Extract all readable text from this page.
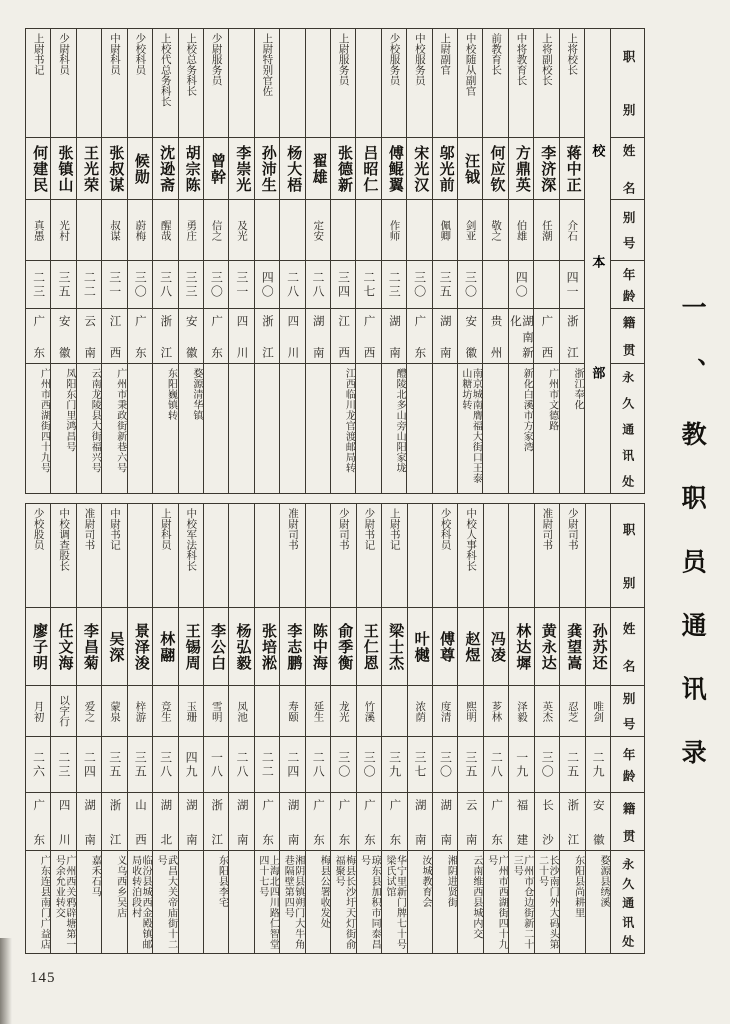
职别
姓名
别号
年龄
籍贯
永久通讯处
校本部
上将校长
蒋中正
介石
四一
浙江
浙江奉化
上将副校长
李济深
任潮
广西
广州市文德路
中将教育长
方鼎英
伯雄
四〇
湖南新化
新化白溪市方家湾
前教育长
何应钦
敬之
贵州
中校随从副官
汪钺
剑亚
三〇
安徽
南京城南膺福大街口王泰山糖坊转
上尉副官
邬光前
佩卿
三五
湖南
中校服务员
宋光汉
三〇
广东
少校服务员
傅鲲翼
作师
二三
湖南
醴陵北多山旁山阳家垅
吕昭仁
二七
广西
上尉服务员
张德新
三四
江西
江西临川龙官渡邮局转
翟雄
定安
二八
湖南
杨大梧
二八
四川
上尉特别官佐
孙沛生
四〇
浙江
李崇光
及光
三一
四川
少尉服务员
曾幹
信之
三〇
广东
上校总务科长
胡宗陈
勇庄
三三
安徽
婺源清华镇
上校代总务科长
沈逊斋
醒哉
三八
浙江
东阳巍镇转
少校科员
候勋
蔚梅
三〇
广东
中尉科员
张叔谋
叔谋
三一
江西
广州市秉政街新巷六号
王光荣
二二
云南
云南龙陵县大街福兴号
少尉科员
张镇山
光村
三五
安徽
凤阳东门里鸿昌号
上尉书记
何建民
真愚
二三
广东
广州市西湖街四十九号
职别
姓名
别号
年龄
籍贯
永久通讯处
孙苏还
唯剑
二九
安徽
婺源县绣溪
少尉司书
龚望嵩
忍芝
二五
浙江
东阳县尚耕里
准尉司书
黄永达
英杰
三〇
长沙
长沙南门外大码头第二十号
林达墀
泽毅
一九
福建
广州市仓边街新二十三号
冯凌
芗林
二八
广东
广州市西湖街四十九号
中校人事科长
赵煜
熙明
三五
云南
云南维西县城内交
少校科员
傅尊
度清
三〇
湖南
湘阴进贤街
叶樾
浓荫
三七
湖南
汝城教育会
上尉书记
梁士杰
三九
广东
华宁里新门牌七十号梁氏试馆
少尉书记
王仁恩
竹溪
三〇
广东
琼东县加积市同泰昌号
少尉司书
俞季衡
龙光
三〇
广东
梅县长沙圩天灯街俞福聚号
陈中海
延生
二八
广东
梅县公署收发处
准尉司书
李志鹏
寿颐
二四
湖南
湘阴县镇朔门大牛角巷隔壁第四号
张培淞
二二
广东
上海北四川路仁智堂四十七号
杨弘毅
凤池
二八
湖南
李公白
雪明
一八
浙江
东阳县李宅
中校军法科长
王锡周
玉珊
四九
湖南
上尉科员
林翮
竞生
三八
湖北
武昌大关帝庙街十二号
景泽浚
梓游
三五
山西
临汾县城西金殿镇邮局收转泊段村
中尉书记
吴深
蒙泉
三五
浙江
义乌西乡吴店
准尉司书
李昌菊
爱之
二四
湖南
嘉禾石马
中校调查股长
任文海
以字行
二三
四川
广州西关鸦辟塘第一号余允业转交
少校股员
廖子明
月初
二六
广东
广东连县南门广益店
一、教职员通讯录
145
